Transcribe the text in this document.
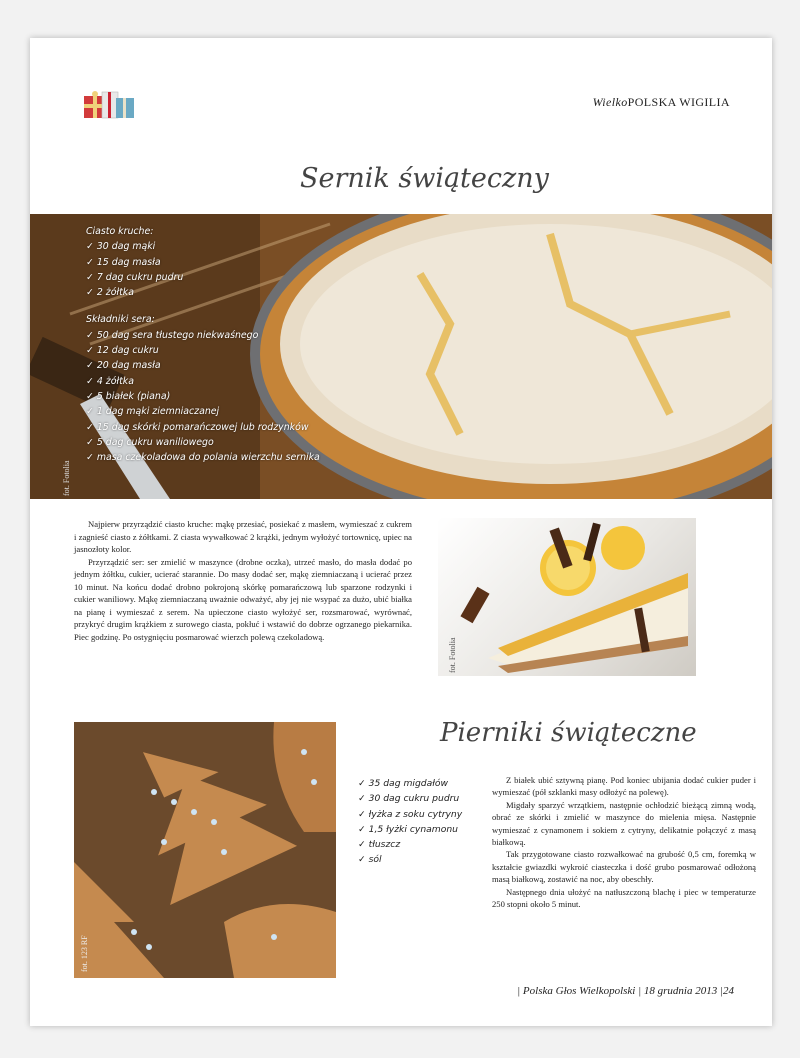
WielkoPOLSKA WIGILIA
Sernik świąteczny
Ciasto kruche:
✓ 30 dag mąki
✓ 15 dag masła
✓ 7 dag cukru pudru
✓ 2 żółtka
Składniki sera:
✓ 50 dag sera tłustego niekwaśnego
✓ 12 dag cukru
✓ 20 dag masła
✓ 4 żółtka
✓ 5 białek (piana)
✓ 1 dag mąki ziemniaczanej
✓ 15 dag skórki pomarańczowej lub rodzynków
✓ 5 dag cukru waniliowego
✓ masa czekoladowa do polania wierzchu sernika
fot. Fotolia

Najpierw przyrządzić ciasto kruche: mąkę przesiać, posiekać z masłem, wymieszać z cukrem i zagnieść ciasto z żółtkami. Z ciasta wywałkować 2 krążki, jednym wyłożyć tortownicę, upiec na jasnozłoty kolor.

Przyrządzić ser: ser zmielić w maszynce (drobne oczka), utrzeć masło, do masła dodać po jednym żółtku, cukier, ucierać starannie. Do masy dodać ser, mąkę ziemniaczaną i ucierać przez 10 minut. Na końcu dodać drobno pokrojoną skórkę pomarańczową lub sparzone rodzynki i cukier waniliowy. Mąkę ziemniaczaną uważnie odważyć, aby jej nie wsypać za dużo, ubić białka na pianę i wymieszać z serem. Na upieczone ciasto wyłożyć ser, rozsmarować, wyrównać, przykryć drugim krążkiem z surowego ciasta, pokłuć i wstawić do dobrze ogrzanego piekarnika. Piec godzinę. Po ostygnięciu posmarować wierzch polewą czekoladową.

fot. Fotolia
Pierniki świąteczne
fot. 123 RF
✓ 35 dag migdałów
✓ 30 dag cukru pudru
✓ łyżka z soku cytryny
✓ 1,5 łyżki cynamonu
✓ tłuszcz
✓ sól

Z białek ubić sztywną pianę. Pod koniec ubijania dodać cukier puder i wymieszać (pół szklanki masy odłożyć na polewę).

Migdały sparzyć wrzątkiem, następnie ochłodzić bieżącą zimną wodą, obrać ze skórki i zmielić w maszynce do mielenia mięsa. Następnie wymieszać z cynamonem i sokiem z cytryny, delikatnie połączyć z masą białkową.

Tak przygotowane ciasto rozwałkować na grubość 0,5 cm, foremką w kształcie gwiazdki wykroić ciasteczka i dość grubo posmarować odłożoną masą białkową, zostawić na noc, aby obeschły.

Następnego dnia ułożyć na natłuszczoną blachę i piec w temperaturze 250 stopni około 5 minut.

| Polska Głos Wielkopolski | 18 grudnia 2013 |24
